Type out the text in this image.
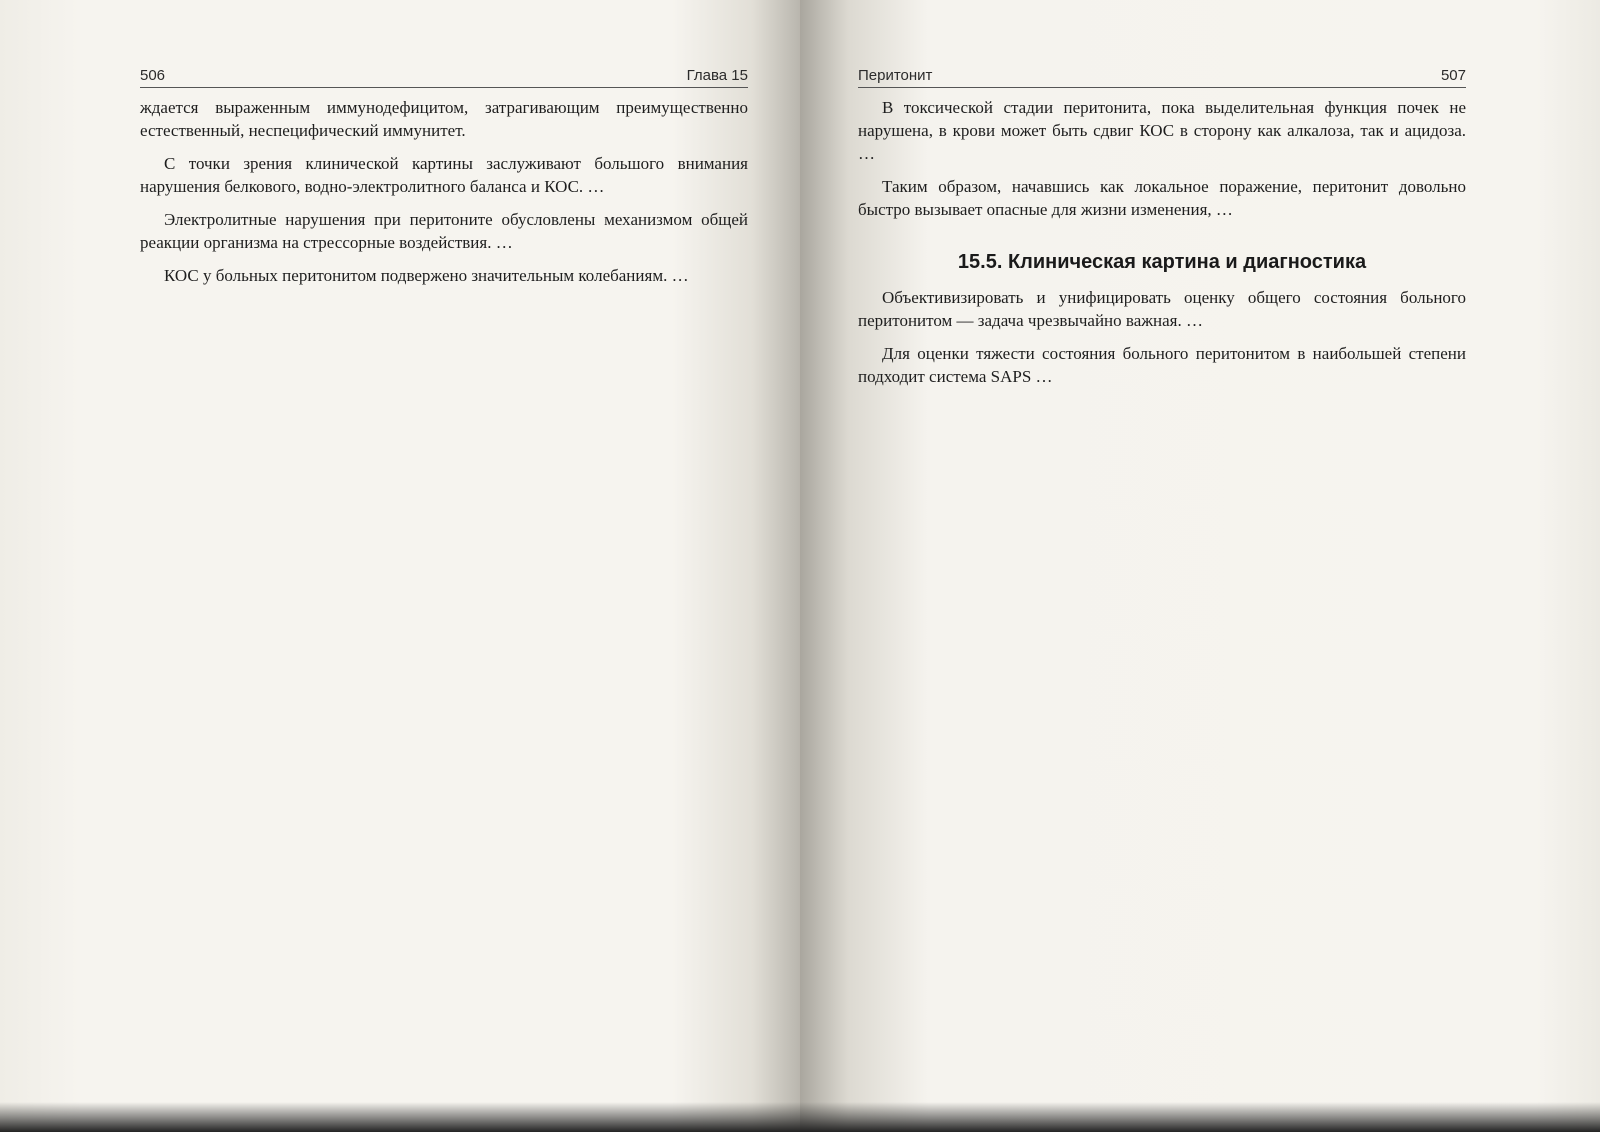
506	Глава 15

ждается выраженным иммунодефицитом, затрагивающим преимущественно естественный, неспецифический иммунитет.

С точки зрения клинической картины заслуживают большого внимания нарушения белкового, водно-электролитного баланса и КОС. …

Электролитные нарушения при перитоните обусловлены механизмом общей реакции организма на стрессорные воздействия. …

КОС у больных перитонитом подвержено значительным колебаниям. …

Перитонит	507

В токсической стадии перитонита, пока выделительная функция почек не нарушена, в крови может быть сдвиг КОС в сторону как алкалоза, так и ацидоза. …

Таким образом, начавшись как локальное поражение, перитонит довольно быстро вызывает опасные для жизни изменения, …

15.5. Клиническая картина и диагностика

Объективизировать и унифицировать оценку общего состояния больного перитонитом — задача чрезвычайно важная. …

Для оценки тяжести состояния больного перитонитом в наибольшей степени подходит система SAPS …
